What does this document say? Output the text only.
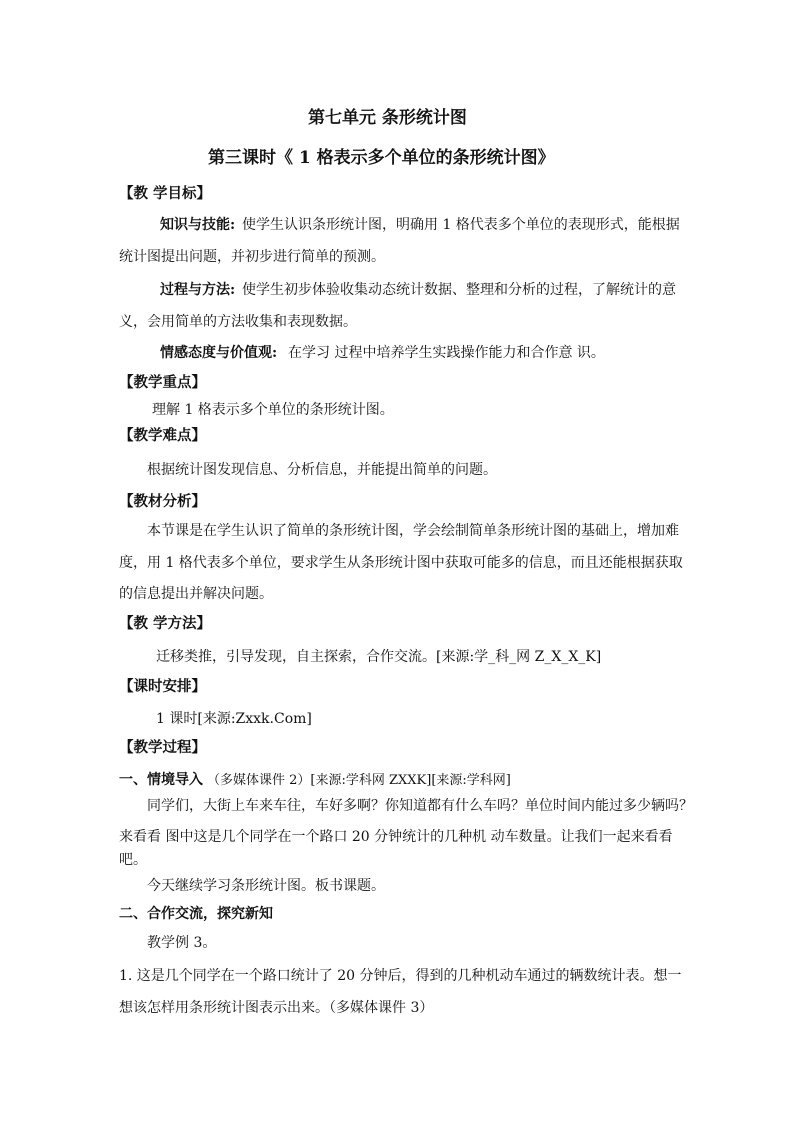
第七单元 条形统计图
第三课时《 1 格表示多个单位的条形统计图》
【教 学目标】
知识与技能: 使学生认识条形统计图，明确用 1 格代表多个单位的表现形式，能根据
统计图提出问题，并初步进行简单的预测。
过程与方法: 使学生初步体验收集动态统计数据、整理和分析的过程，了解统计的意
义，会用简单的方法收集和表现数据。
情感态度与价值观: 在学习 过程中培养学生实践操作能力和合作意 识。
【教学重点】
理解 1 格表示多个单位的条形统计图。
【教学难点】
根据统计图发现信息、分析信息，并能提出简单的问题。
【教材分析】
本节课是在学生认识了简单的条形统计图，学会绘制简单条形统计图的基础上，增加难
度，用 1 格代表多个单位，要求学生从条形统计图中获取可能多的信息，而且还能根据获取
的信息提出并解决问题。
【教 学方法】
迁移类推，引导发现，自主探索，合作交流。[来源:学_科_网 Z_X_X_K]
【课时安排】
1 课时[来源:Zxxk.Com]
【教学过程】
一、情境导入 （多媒体课件 2）[来源:学科网 ZXXK][来源:学科网]
同学们，大街上车来车往，车好多啊？你知道都有什么车吗？单位时间内能过多少辆吗？
来看看 图中这是几个同学在一个路口 20 分钟统计的几种机 动车数量。让我们一起来看看
吧。
今天继续学习条形统计图。板书课题。
二、合作交流，探究新知
教学例 3。
1. 这是几个同学在一个路口统计了 20 分钟后，得到的几种机动车通过的辆数统计表。想一
想该怎样用条形统计图表示出来。（多媒体课件 3）
